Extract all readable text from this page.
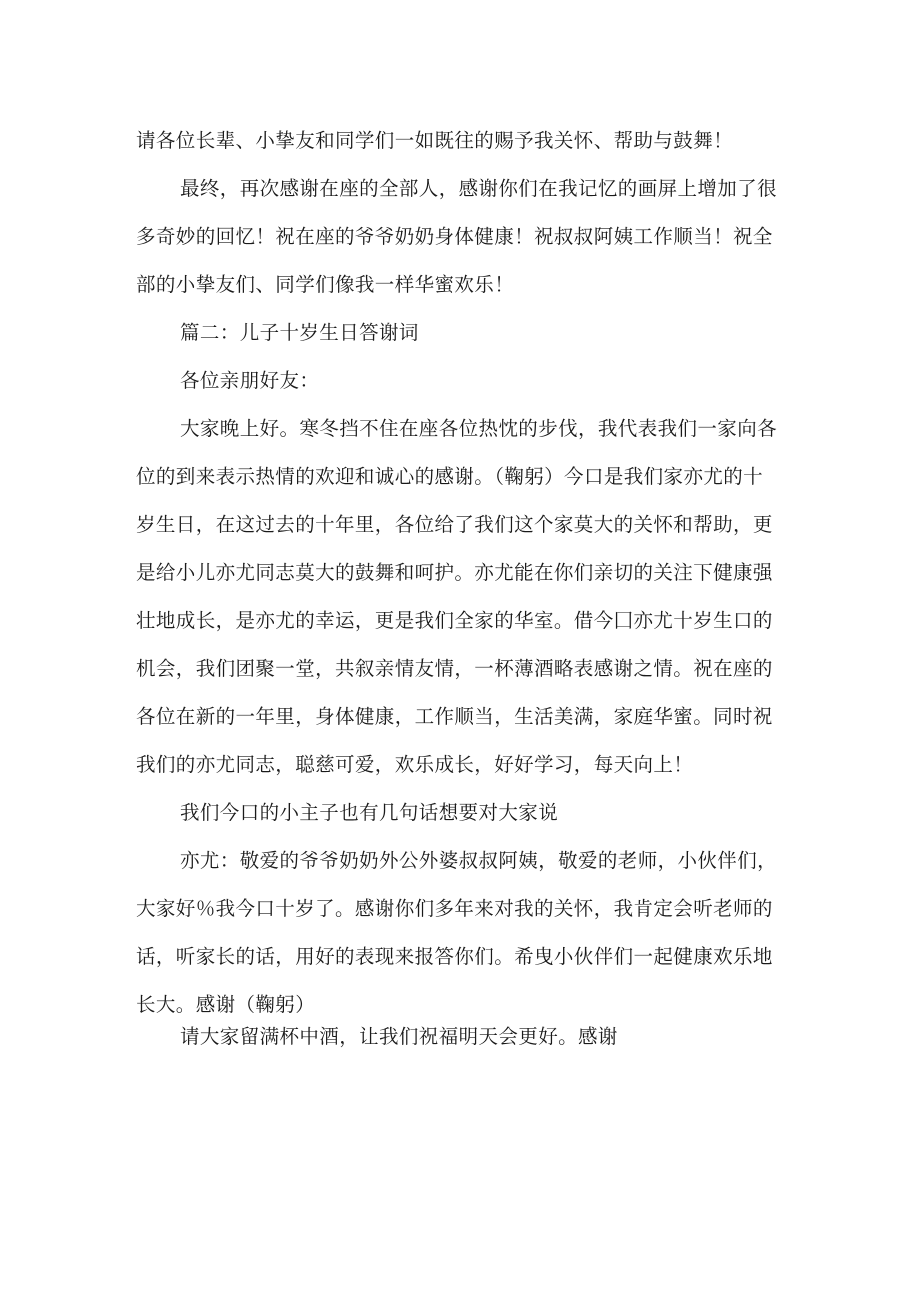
请各位长辈、小挚友和同学们一如既往的赐予我关怀、帮助与鼓舞！
最终，再次感谢在座的全部人，感谢你们在我记忆的画屏上增加了很
多奇妙的回忆！祝在座的爷爷奶奶身体健康！祝叔叔阿姨工作顺当！祝全
部的小挚友们、同学们像我一样华蜜欢乐！
篇二：儿子十岁生日答谢词
各位亲朋好友：
大家晚上好。寒冬挡不住在座各位热忱的步伐，我代表我们一家向各
位的到来表示热情的欢迎和诚心的感谢。（鞠躬）今口是我们家亦尤的十
岁生日，在这过去的十年里，各位给了我们这个家莫大的关怀和帮助，更
是给小儿亦尤同志莫大的鼓舞和呵护。亦尤能在你们亲切的关注下健康强
壮地成长，是亦尤的幸运，更是我们全家的华室。借今囗亦尤十岁生口的
机会，我们团聚一堂，共叙亲情友情，一杯薄酒略表感谢之情。祝在座的
各位在新的一年里，身体健康，工作顺当，生活美满，家庭华蜜。同时祝
我们的亦尤同志，聪慈可爱，欢乐成长，好好学习，每天向上！
我们今口的小主子也有几句话想要对大家说
亦尤：敬爱的爷爷奶奶外公外婆叔叔阿姨，敬爱的老师，小伙伴们，
大家好％我今口十岁了。感谢你们多年来对我的关怀，我肯定会听老师的
话，听家长的话，用好的表现来报答你们。希曳小伙伴们一起健康欢乐地
长大。感谢（鞠躬）
请大家留满杯中酒，让我们祝福明天会更好。感谢
